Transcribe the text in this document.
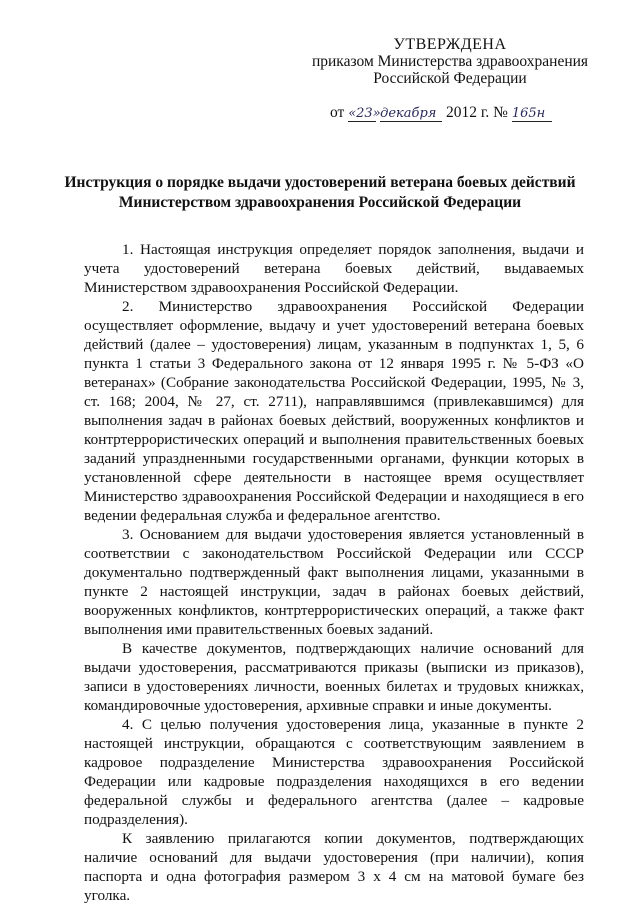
УТВЕРЖДЕНА
приказом Министерства здравоохранения
Российской Федерации
от «23» декабря 2012 г. № 165н
Инструкция о порядке выдачи удостоверений ветерана боевых действий
Министерством здравоохранения Российской Федерации

1. Настоящая инструкция определяет порядок заполнения, выдачи и учета удостоверений ветерана боевых действий, выдаваемых Министерством здравоохранения Российской Федерации.

2. Министерство здравоохранения Российской Федерации осуществляет оформление, выдачу и учет удостоверений ветерана боевых действий (далее – удостоверения) лицам, указанным в подпунктах 1, 5, 6 пункта 1 статьи 3 Федерального закона от 12 января 1995 г. № 5-ФЗ «О ветеранах» (Собрание законодательства Российской Федерации, 1995, № 3, ст. 168; 2004, № 27, ст. 2711), направлявшимся (привлекавшимся) для выполнения задач в районах боевых действий, вооруженных конфликтов и контртеррористических операций и выполнения правительственных боевых заданий упраздненными государственными органами, функции которых в установленной сфере деятельности в настоящее время осуществляет Министерство здравоохранения Российской Федерации и находящиеся в его ведении федеральная служба и федеральное агентство.

3. Основанием для выдачи удостоверения является установленный в соответствии с законодательством Российской Федерации или СССР документально подтвержденный факт выполнения лицами, указанными в пункте 2 настоящей инструкции, задач в районах боевых действий, вооруженных конфликтов, контртеррористических операций, а также факт выполнения ими правительственных боевых заданий.

В качестве документов, подтверждающих наличие оснований для выдачи удостоверения, рассматриваются приказы (выписки из приказов), записи в удостоверениях личности, военных билетах и трудовых книжках, командировочные удостоверения, архивные справки и иные документы.

4. С целью получения удостоверения лица, указанные в пункте 2 настоящей инструкции, обращаются с соответствующим заявлением в кадровое подразделение Министерства здравоохранения Российской Федерации или кадровые подразделения находящихся в его ведении федеральной службы и федерального агентства (далее – кадровые подразделения).

К заявлению прилагаются копии документов, подтверждающих наличие оснований для выдачи удостоверения (при наличии), копия паспорта и одна фотография размером 3 х 4 см на матовой бумаге без уголка.
